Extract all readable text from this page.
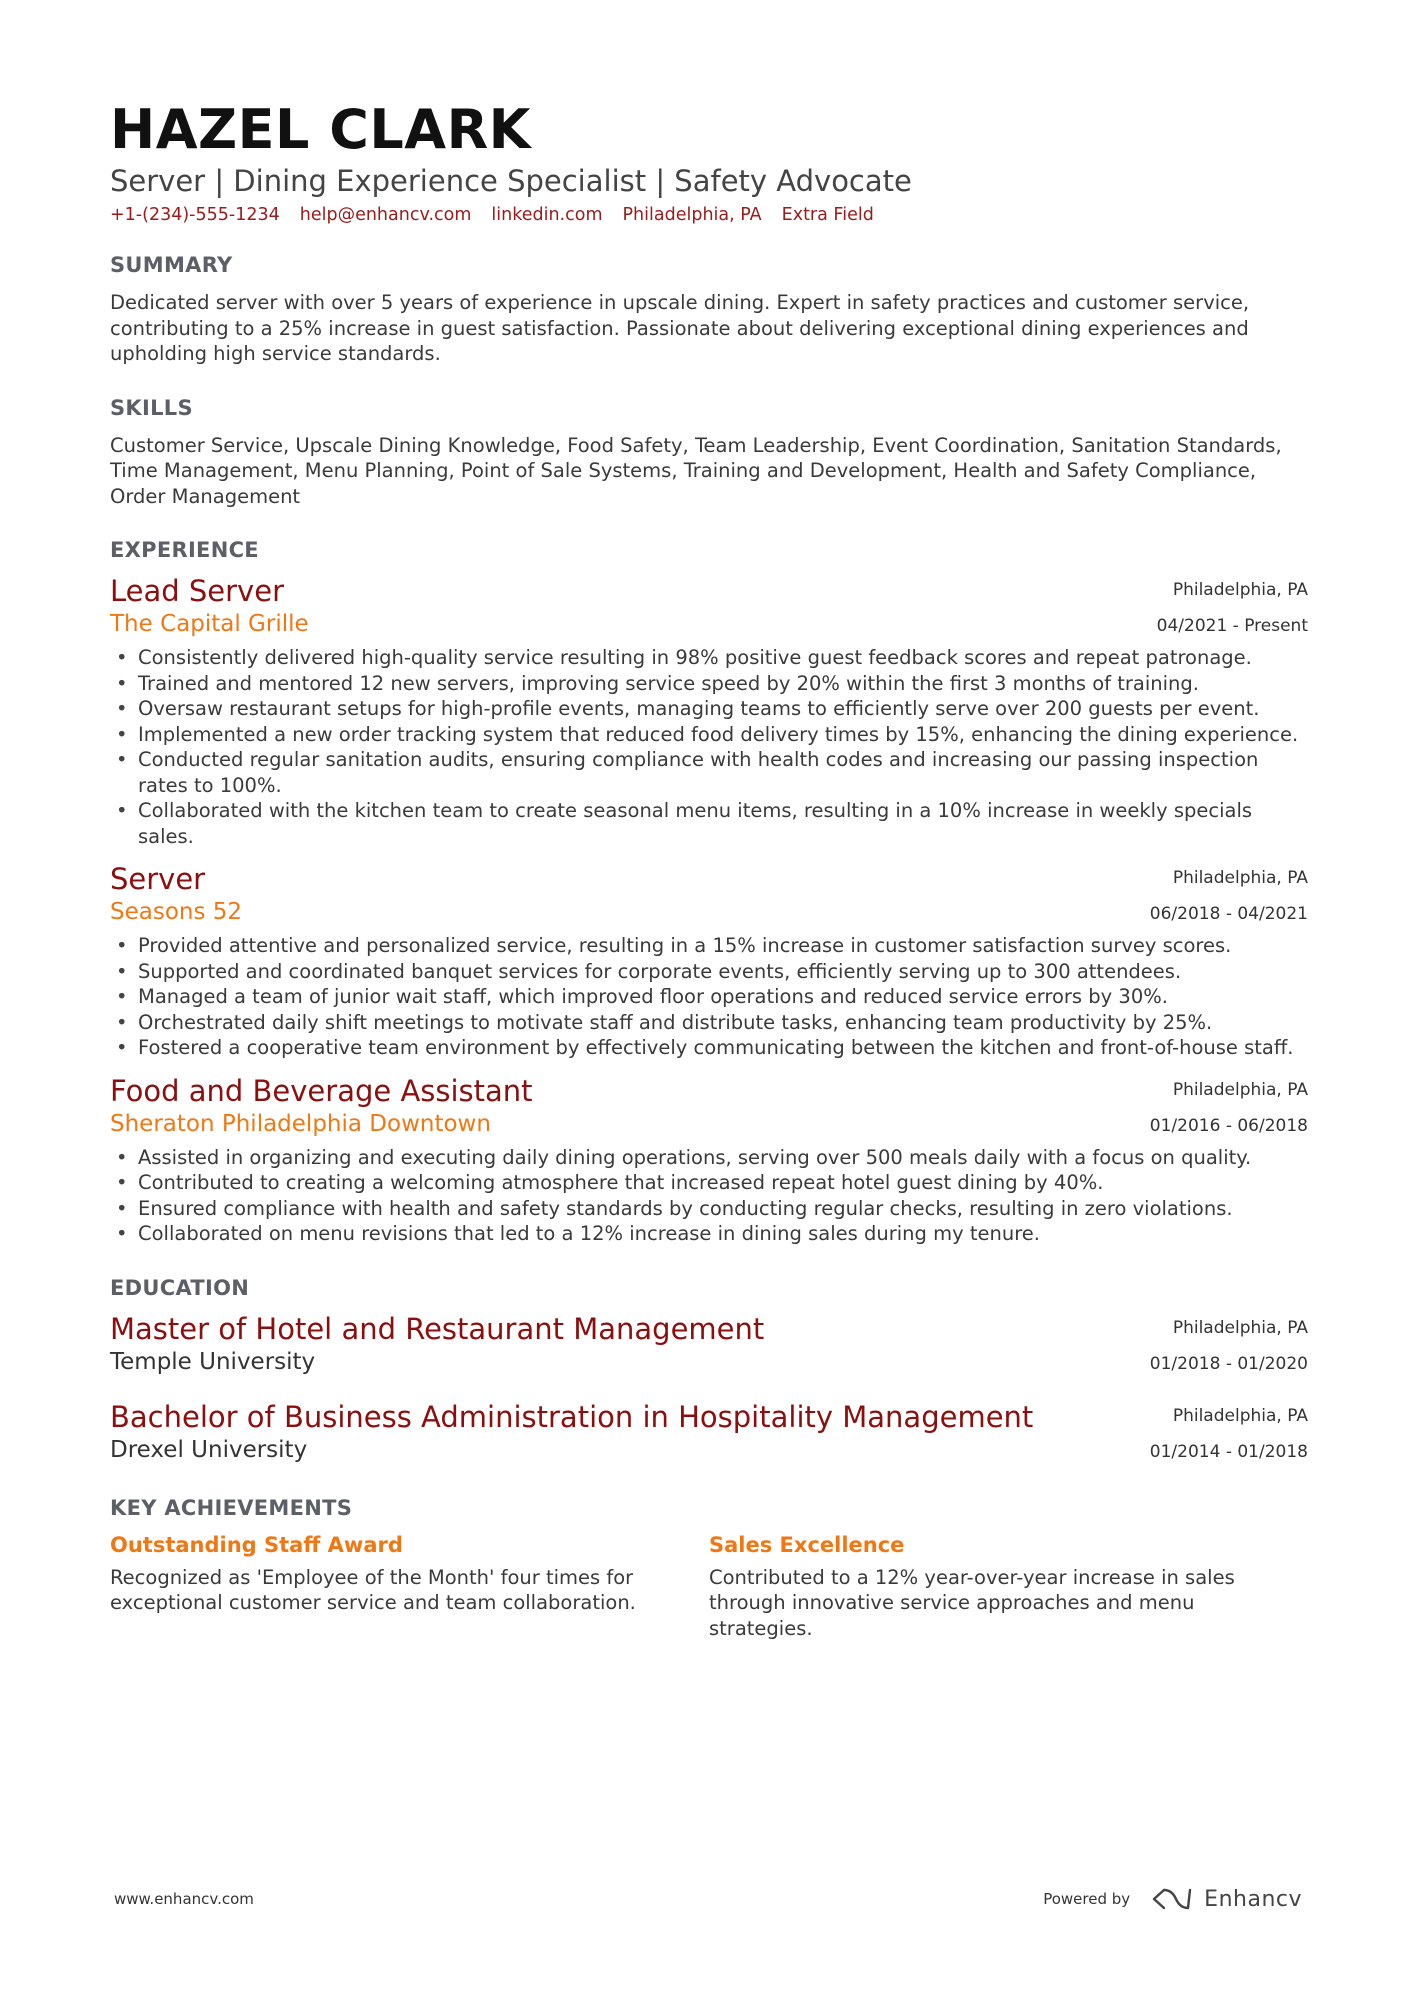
HAZEL CLARK
Server | Dining Experience Specialist | Safety Advocate
+1-(234)-555-1234 help@enhancv.com linkedin.com Philadelphia, PA Extra Field
SUMMARY
Dedicated server with over 5 years of experience in upscale dining. Expert in safety practices and customer service, contributing to a 25% increase in guest satisfaction. Passionate about delivering exceptional dining experiences and upholding high service standards.
SKILLS
Customer Service, Upscale Dining Knowledge, Food Safety, Team Leadership, Event Coordination, Sanitation Standards, Time Management, Menu Planning, Point of Sale Systems, Training and Development, Health and Safety Compliance, Order Management
EXPERIENCE
Philadelphia, PA
04/2021 - Present
Lead Server
The Capital Grille
• Consistently delivered high-quality service resulting in 98% positive guest feedback scores and repeat patronage.
• Trained and mentored 12 new servers, improving service speed by 20% within the first 3 months of training.
• Oversaw restaurant setups for high-profile events, managing teams to efficiently serve over 200 guests per event.
• Implemented a new order tracking system that reduced food delivery times by 15%, enhancing the dining experience.
• Conducted regular sanitation audits, ensuring compliance with health codes and increasing our passing inspection rates to 100%.
• Collaborated with the kitchen team to create seasonal menu items, resulting in a 10% increase in weekly specials sales.
Philadelphia, PA
06/2018 - 04/2021
Server
Seasons 52
• Provided attentive and personalized service, resulting in a 15% increase in customer satisfaction survey scores.
• Supported and coordinated banquet services for corporate events, efficiently serving up to 300 attendees.
• Managed a team of junior wait staff, which improved floor operations and reduced service errors by 30%.
• Orchestrated daily shift meetings to motivate staff and distribute tasks, enhancing team productivity by 25%.
• Fostered a cooperative team environment by effectively communicating between the kitchen and front-of-house staff.
Philadelphia, PA
01/2016 - 06/2018
Food and Beverage Assistant
Sheraton Philadelphia Downtown
• Assisted in organizing and executing daily dining operations, serving over 500 meals daily with a focus on quality.
• Contributed to creating a welcoming atmosphere that increased repeat hotel guest dining by 40%.
• Ensured compliance with health and safety standards by conducting regular checks, resulting in zero violations.
• Collaborated on menu revisions that led to a 12% increase in dining sales during my tenure.
EDUCATION
Philadelphia, PA
01/2018 - 01/2020
Master of Hotel and Restaurant Management
Temple University
Philadelphia, PA
01/2014 - 01/2018
Bachelor of Business Administration in Hospitality Management
Drexel University
KEY ACHIEVEMENTS
Outstanding Staff Award
Recognized as 'Employee of the Month' four times for exceptional customer service and team collaboration.
Sales Excellence
Contributed to a 12% year-over-year increase in sales through innovative service approaches and menu strategies.
www.enhancv.com	Powered by	Enhancv
